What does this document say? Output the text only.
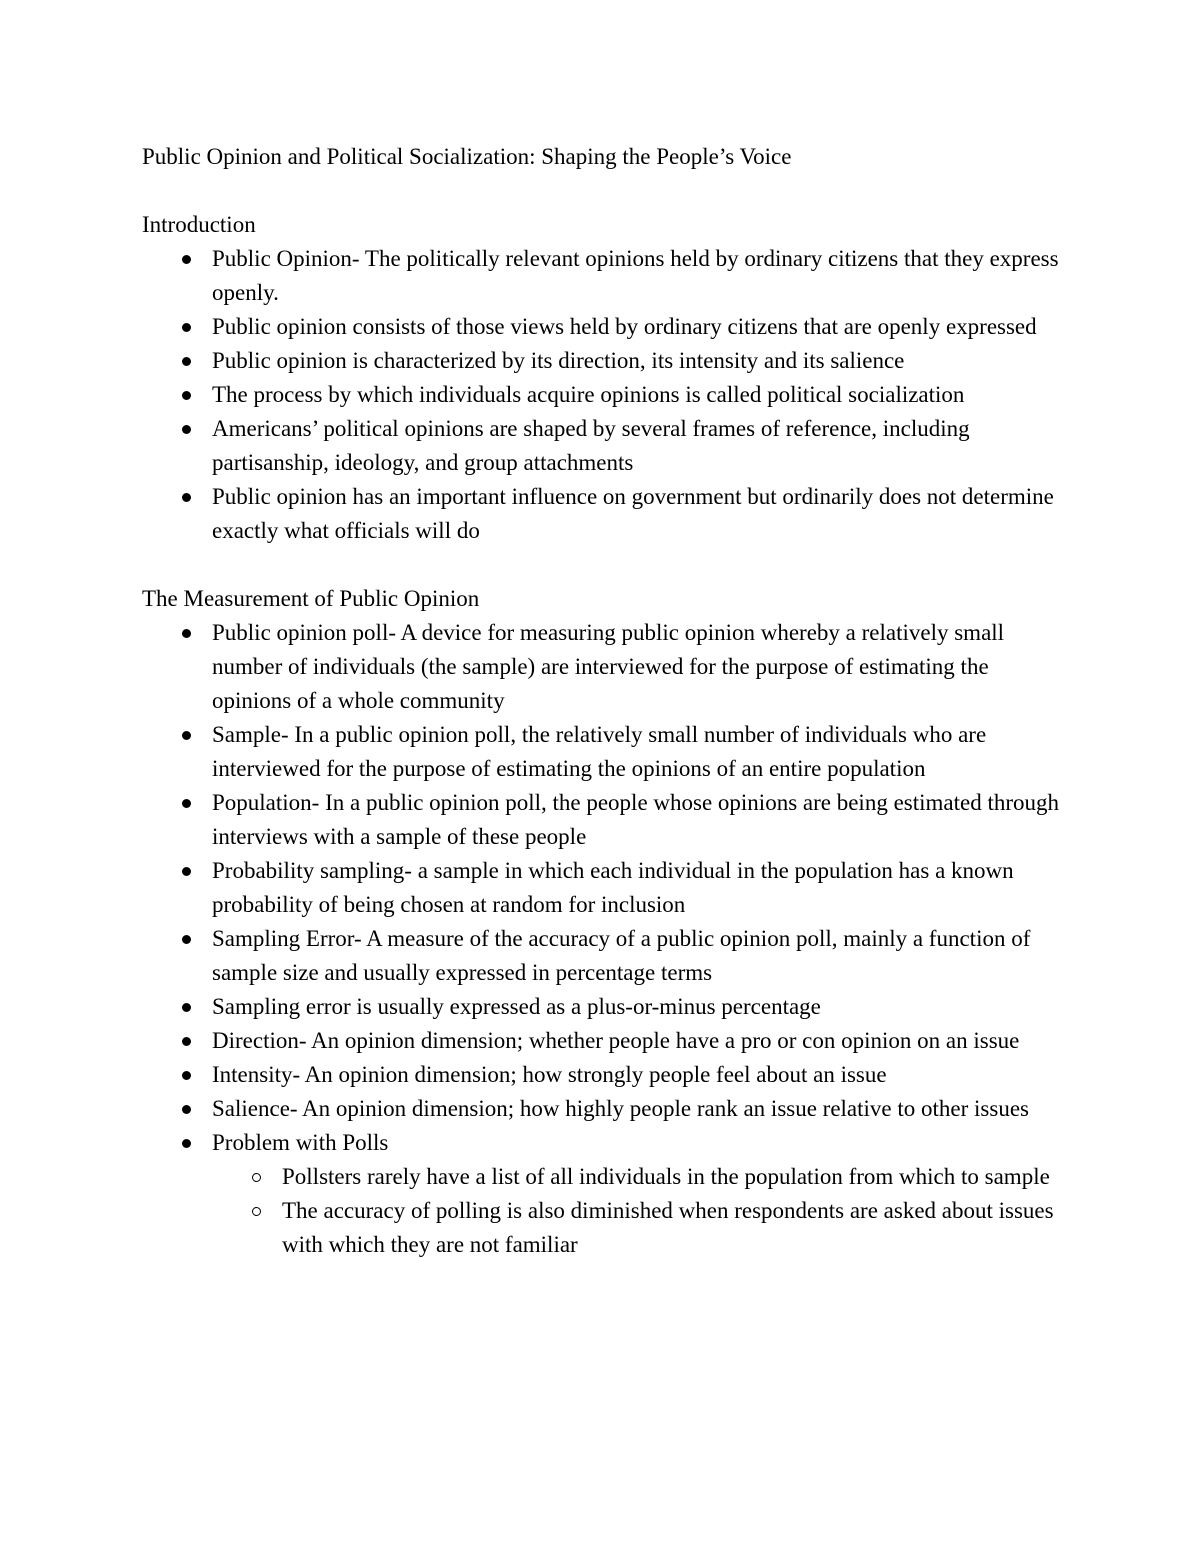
Public Opinion and Political Socialization: Shaping the People’s Voice
Introduction
Public Opinion- The politically relevant opinions held by ordinary citizens that they express openly.
Public opinion consists of those views held by ordinary citizens that are openly expressed
Public opinion is characterized by its direction, its intensity and its salience
The process by which individuals acquire opinions is called political socialization
Americans’ political opinions are shaped by several frames of reference, including partisanship, ideology, and group attachments
Public opinion has an important influence on government but ordinarily does not determine exactly what officials will do
The Measurement of Public Opinion
Public opinion poll- A device for measuring public opinion whereby a relatively small number of individuals (the sample) are interviewed for the purpose of estimating the opinions of a whole community
Sample- In a public opinion poll, the relatively small number of individuals who are interviewed for the purpose of estimating the opinions of an entire population
Population- In a public opinion poll, the people whose opinions are being estimated through interviews with a sample of these people
Probability sampling- a sample in which each individual in the population has a known probability of being chosen at random for inclusion
Sampling Error- A measure of the accuracy of a public opinion poll, mainly a function of sample size and usually expressed in percentage terms
Sampling error is usually expressed as a plus-or-minus percentage
Direction- An opinion dimension; whether people have a pro or con opinion on an issue
Intensity- An opinion dimension; how strongly people feel about an issue
Salience- An opinion dimension; how highly people rank an issue relative to other issues
Problem with Polls
Pollsters rarely have a list of all individuals in the population from which to sample
The accuracy of polling is also diminished when respondents are asked about issues with which they are not familiar
